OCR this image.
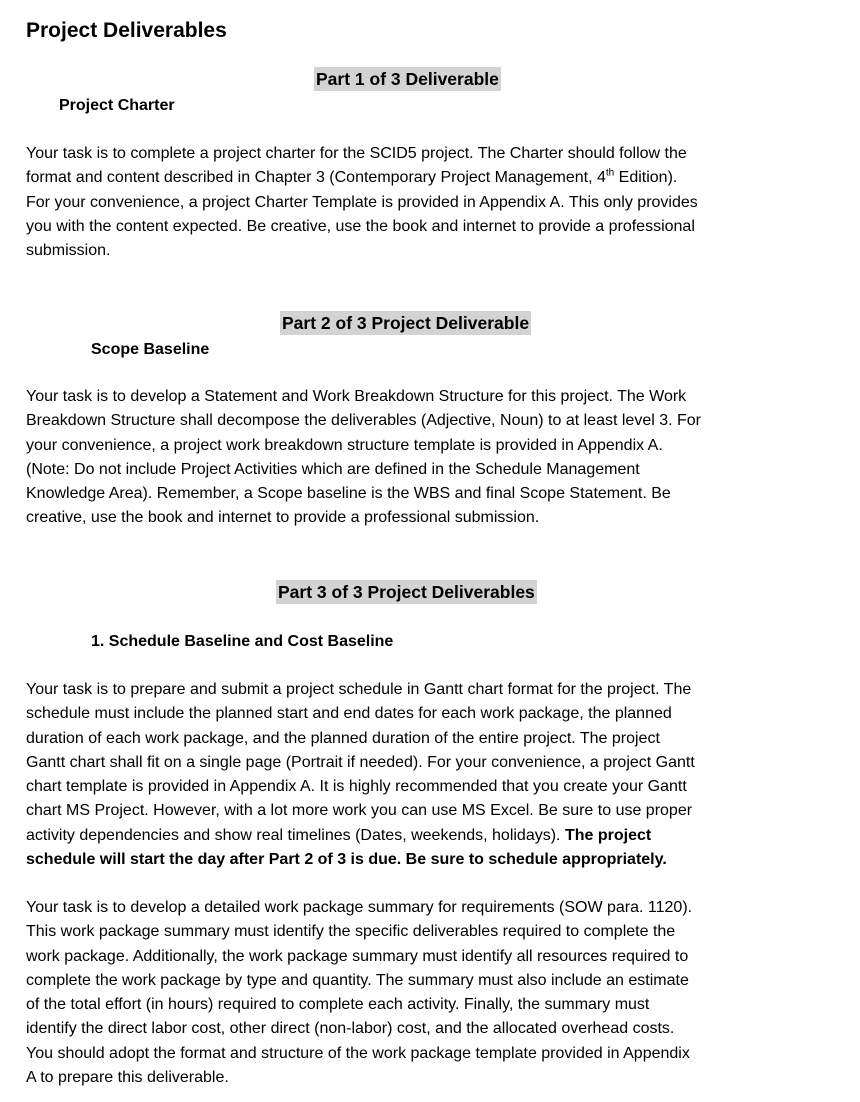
Project Deliverables
Part 1 of 3 Deliverable
Project Charter

Your task is to complete a project charter for the SCID5 project. The Charter should follow the
format and content described in Chapter 3 (Contemporary Project Management, 4th Edition).
For your convenience, a project Charter Template is provided in Appendix A. This only provides
you with the content expected. Be creative, use the book and internet to provide a professional
submission.

Part 2 of 3 Project Deliverable
Scope Baseline

Your task is to develop a Statement and Work Breakdown Structure for this project. The Work
Breakdown Structure shall decompose the deliverables (Adjective, Noun) to at least level 3. For
your convenience, a project work breakdown structure template is provided in Appendix A.
(Note: Do not include Project Activities which are defined in the Schedule Management
Knowledge Area). Remember, a Scope baseline is the WBS and final Scope Statement. Be
creative, use the book and internet to provide a professional submission.

Part 3 of 3 Project Deliverables
1. Schedule Baseline and Cost Baseline

Your task is to prepare and submit a project schedule in Gantt chart format for the project. The
schedule must include the planned start and end dates for each work package, the planned
duration of each work package, and the planned duration of the entire project. The project
Gantt chart shall fit on a single page (Portrait if needed). For your convenience, a project Gantt
chart template is provided in Appendix A. It is highly recommended that you create your Gantt
chart MS Project. However, with a lot more work you can use MS Excel. Be sure to use proper
activity dependencies and show real timelines (Dates, weekends, holidays). The project
schedule will start the day after Part 2 of 3 is due. Be sure to schedule appropriately.

Your task is to develop a detailed work package summary for requirements (SOW para. 1120).
This work package summary must identify the specific deliverables required to complete the
work package. Additionally, the work package summary must identify all resources required to
complete the work package by type and quantity. The summary must also include an estimate
of the total effort (in hours) required to complete each activity. Finally, the summary must
identify the direct labor cost, other direct (non-labor) cost, and the allocated overhead costs.
You should adopt the format and structure of the work package template provided in Appendix
A to prepare this deliverable.
